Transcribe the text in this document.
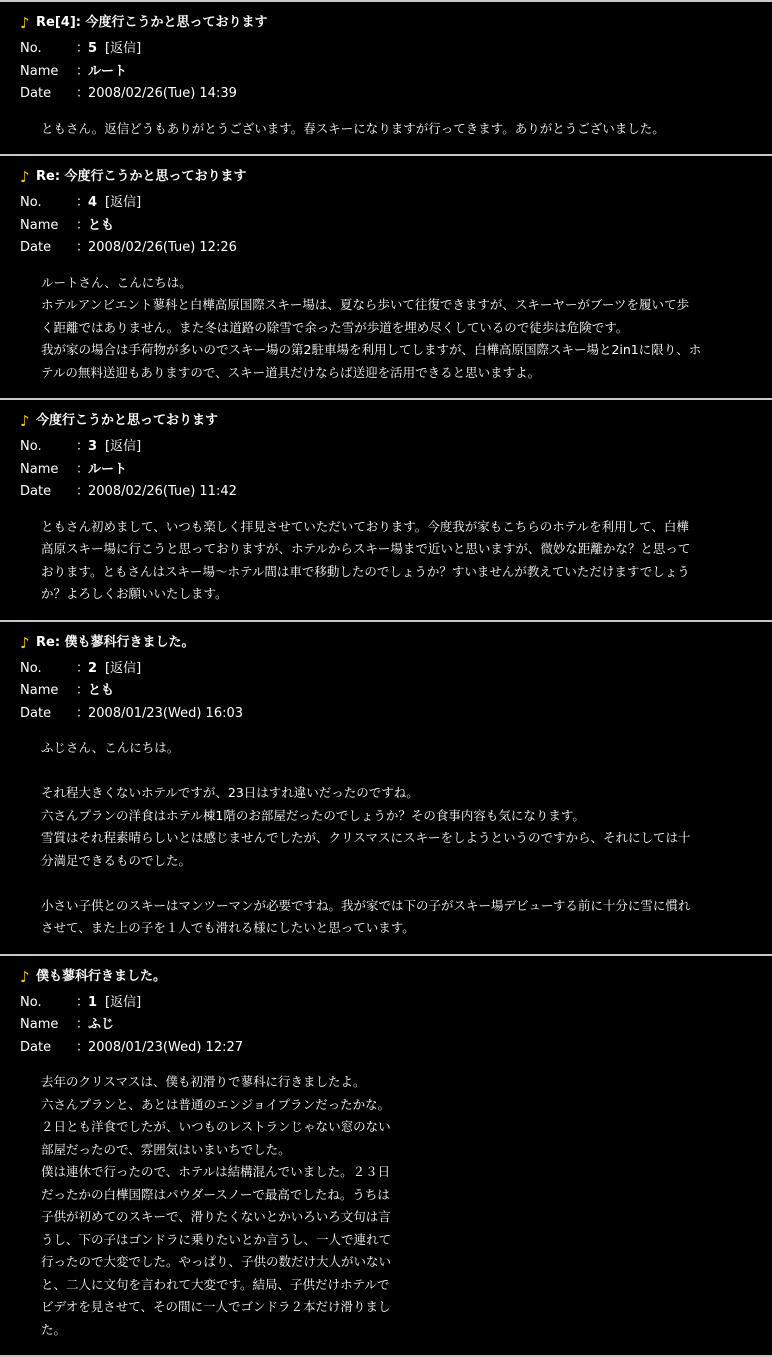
♪ Re[4]: 今度行こうかと思っております
No.	：5 [返信]
Name ：ルート
Date ：2008/02/26(Tue) 14:39
ともさん。返信どうもありがとうございます。春スキーになりますが行ってきます。ありがとうございました。
♪ Re: 今度行こうかと思っております
No.	：4 [返信]
Name ：とも
Date ：2008/02/26(Tue) 12:26
ルートさん、こんにちは。
ホテルアンビエント蓼科と白樺高原国際スキー場は、夏なら歩いて往復できますが、スキーヤーがブーツを履いて歩
く距離ではありません。また冬は道路の除雪で余った雪が歩道を埋め尽くしているので徒歩は危険です。
我が家の場合は手荷物が多いのでスキー場の第2駐車場を利用してしますが、白樺高原国際スキー場と2in1に限り、ホ
テルの無料送迎もありますので、スキー道具だけならば送迎を活用できると思いますよ。
♪ 今度行こうかと思っております
No.	：3 [返信]
Name ：ルート
Date ：2008/02/26(Tue) 11:42
ともさん初めまして、いつも楽しく拝見させていただいております。今度我が家もこちらのホテルを利用して、白樺
高原スキー場に行こうと思っておりますが、ホテルからスキー場まで近いと思いますが、微妙な距離かな？と思って
おります。ともさんはスキー場〜ホテル間は車で移動したのでしょうか？すいませんが教えていただけますでしょう
か？よろしくお願いいたします。
♪ Re: 僕も蓼科行きました。
No.	：2 [返信]
Name ：とも
Date ：2008/01/23(Wed) 16:03
ふじさん、こんにちは。
それ程大きくないホテルですが、23日はすれ違いだったのですね。
六さんプランの洋食はホテル棟1階のお部屋だったのでしょうか？その食事内容も気になります。
雪質はそれ程素晴らしいとは感じませんでしたが、クリスマスにスキーをしようというのですから、それにしては十
分満足できるものでした。
小さい子供とのスキーはマンツーマンが必要ですね。我が家では下の子がスキー場デビューする前に十分に雪に慣れ
させて、また上の子を１人でも滑れる様にしたいと思っています。
♪ 僕も蓼科行きました。
No.	：1 [返信]
Name ：ふじ
Date ：2008/01/23(Wed) 12:27
去年のクリスマスは、僕も初滑りで蓼科に行きましたよ。
六さんプランと、あとは普通のエンジョイプランだったかな。
２日とも洋食でしたが、いつものレストランじゃない窓のない
部屋だったので、雰囲気はいまいちでした。
僕は連休で行ったので、ホテルは結構混んでいました。２３日
だったかの白樺国際はパウダースノーで最高でしたね。うちは
子供が初めてのスキーで、滑りたくないとかいろいろ文句は言
うし、下の子はゴンドラに乗りたいとか言うし、一人で連れて
行ったので大変でした。やっぱり、子供の数だけ大人がいない
と、二人に文句を言われて大変です。結局、子供だけホテルで
ビデオを見させて、その間に一人でゴンドラ２本だけ滑りまし
た。
